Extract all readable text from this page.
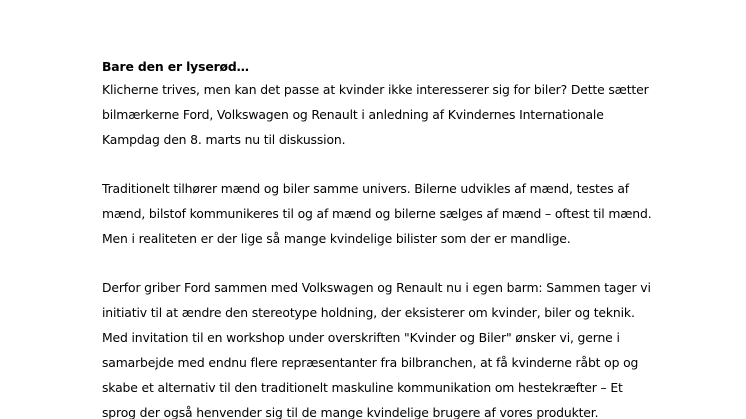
Bare den er lyserød…
Klicherne trives, men kan det passe at kvinder ikke interesserer sig for biler? Dette sætter
bilmærkerne Ford, Volkswagen og Renault i anledning af Kvindernes Internationale
Kampdag den 8. marts nu til diskussion.
Traditionelt tilhører mænd og biler samme univers. Bilerne udvikles af mænd, testes af
mænd, bilstof kommunikeres til og af mænd og bilerne sælges af mænd – oftest til mænd.
Men i realiteten er der lige så mange kvindelige bilister som der er mandlige.
Derfor griber Ford sammen med Volkswagen og Renault nu i egen barm: Sammen tager vi
initiativ til at ændre den stereotype holdning, der eksisterer om kvinder, biler og teknik.
Med invitation til en workshop under overskriften "Kvinder og Biler" ønsker vi, gerne i
samarbejde med endnu flere repræsentanter fra bilbranchen, at få kvinderne råbt op og
skabe et alternativ til den traditionelt maskuline kommunikation om hestekræfter – Et
sprog der også henvender sig til de mange kvindelige brugere af vores produkter.
